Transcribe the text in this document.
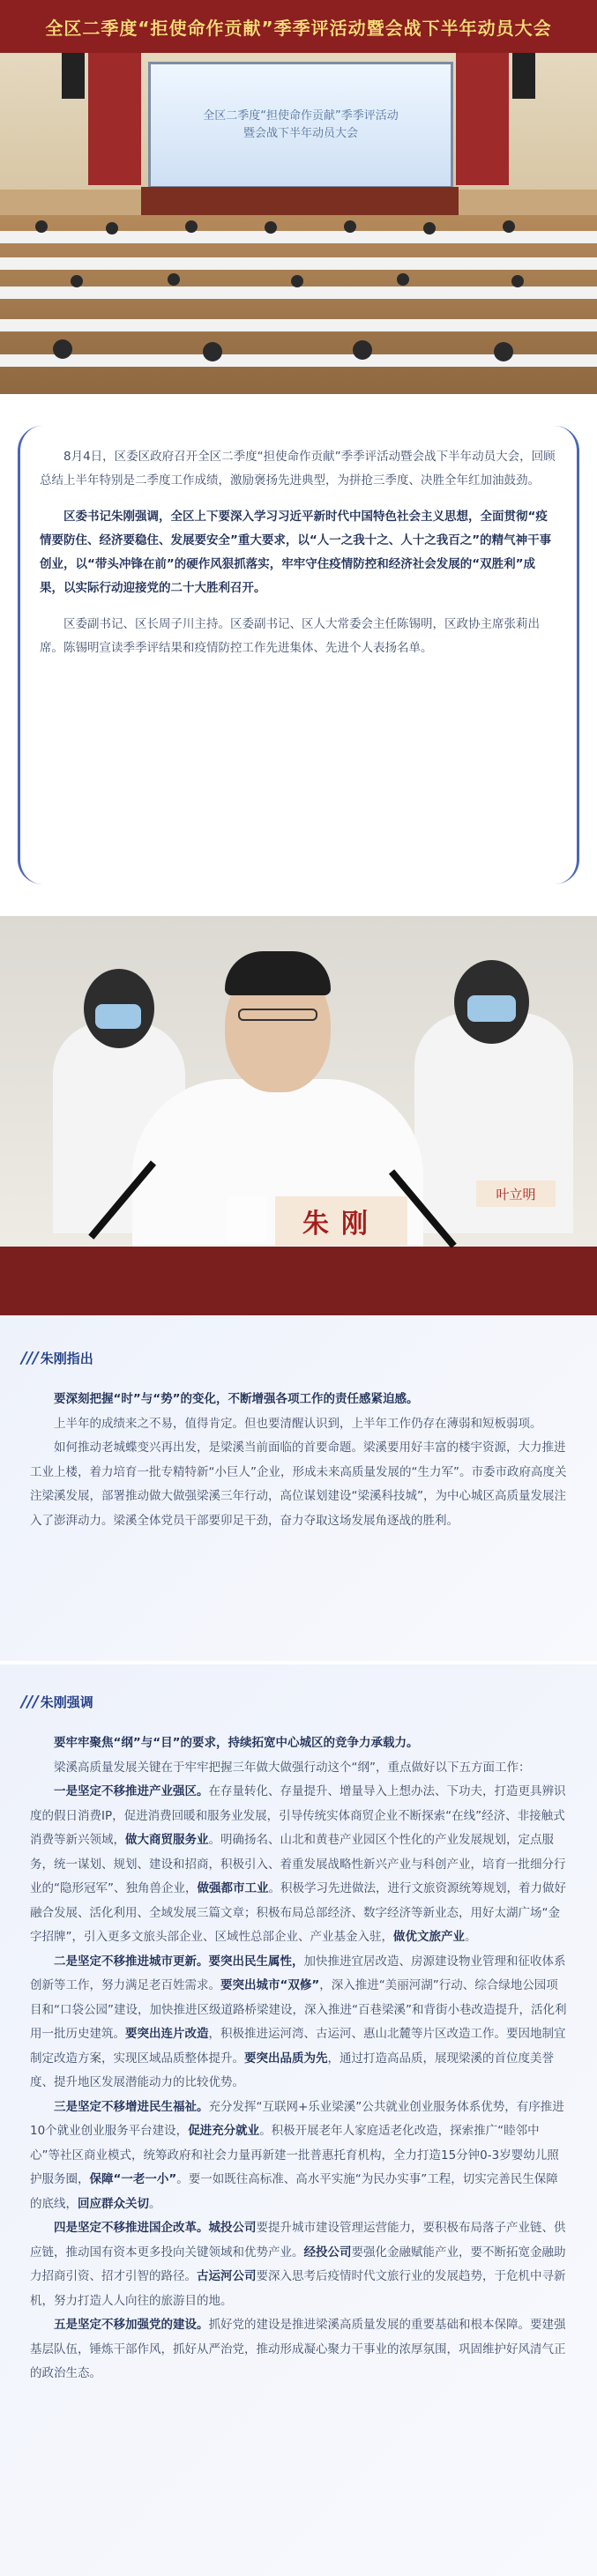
全区二季度“拒使命作贡献”季季评活动暨会战下半年动员大会
全区二季度“担使命作贡献”季季评活动
暨会战下半年动员大会

8月4日，区委区政府召开全区二季度“担使命作贡献”季季评活动暨会战下半年动员大会，回顾总结上半年特别是二季度工作成绩，激励褒扬先进典型，为拼抢三季度、决胜全年红加油鼓劲。

区委书记朱刚强调，全区上下要深入学习习近平新时代中国特色社会主义思想，全面贯彻“疫情要防住、经济要稳住、发展要安全”重大要求，以“人一之我十之、人十之我百之”的精气神干事创业，以“带头冲锋在前”的硬作风狠抓落实，牢牢守住疫情防控和经济社会发展的“双胜利”成果，以实际行动迎接党的二十大胜利召开。

区委副书记、区长周子川主持。区委副书记、区人大常委会主任陈锡明，区政协主席张莉出席。陈锡明宣读季季评结果和疫情防控工作先进集体、先进个人表扬名单。

朱刚
叶立明
/// 朱刚指出

要深刻把握“时”与“势”的变化，不断增强各项工作的责任感紧迫感。

上半年的成绩来之不易，值得肯定。但也要清醒认识到，上半年工作仍存在薄弱和短板弱项。

如何推动老城蝶变兴再出发，是梁溪当前面临的首要命题。梁溪要用好丰富的楼宇资源，大力推进工业上楼，着力培育一批专精特新“小巨人”企业，形成未来高质量发展的“生力军”。市委市政府高度关注梁溪发展，部署推动做大做强梁溪三年行动，高位谋划建设“梁溪科技城”，为中心城区高质量发展注入了澎湃动力。梁溪全体党员干部要卯足干劲，奋力夺取这场发展角逐战的胜利。

/// 朱刚强调

要牢牢聚焦“纲”与“目”的要求，持续拓宽中心城区的竞争力承载力。

梁溪高质量发展关键在于牢牢把握三年做大做强行动这个“纲”，重点做好以下五方面工作：

一是坚定不移推进产业强区。在存量转化、存量提升、增量导入上想办法、下功夫，打造更具辨识度的假日消费IP，促进消费回暖和服务业发展，引导传统实体商贸企业不断探索“在线”经济、非接触式消费等新兴领域，做大商贸服务业。明确扬名、山北和黄巷产业园区个性化的产业发展规划，定点服务，统一谋划、规划、建设和招商，积极引入、着重发展战略性新兴产业与科创产业，培育一批细分行业的“隐形冠军”、独角兽企业，做强都市工业。积极学习先进做法，进行文旅资源统筹规划，着力做好融合发展、活化利用、全域发展三篇文章；积极布局总部经济、数字经济等新业态，用好太湖广场“金字招牌”，引入更多文旅头部企业、区域性总部企业、产业基金入驻，做优文旅产业。

二是坚定不移推进城市更新。要突出民生属性，加快推进宜居改造、房源建设物业管理和征收体系创新等工作，努力满足老百姓需求。要突出城市“双修”，深入推进“美丽河湖”行动、综合绿地公园项目和“口袋公园”建设，加快推进区级道路桥梁建设，深入推进“百巷梁溪”和背街小巷改造提升，活化利用一批历史建筑。要突出连片改造，积极推进运河湾、古运河、惠山北麓等片区改造工作。要因地制宜制定改造方案，实现区域品质整体提升。要突出品质为先，通过打造高品质，展现梁溪的首位度美誉度、提升地区发展潜能动力的比较优势。

三是坚定不移增进民生福祉。充分发挥“互联网+乐业梁溪”公共就业创业服务体系优势，有序推进10个就业创业服务平台建设，促进充分就业。积极开展老年人家庭适老化改造，探索推广“睦邻中心”等社区商业模式，统筹政府和社会力量再新建一批普惠托育机构，全力打造15分钟0-3岁婴幼儿照护服务圈，保障“一老一小”。要一如既往高标准、高水平实施“为民办实事”工程，切实完善民生保障的底线，回应群众关切。

四是坚定不移推进国企改革。城投公司要提升城市建设管理运营能力，要积极布局落子产业链、供应链，推动国有资本更多投向关键领域和优势产业。经投公司要强化金融赋能产业，要不断拓宽金融助力招商引资、招才引智的路径。古运河公司要深入思考后疫情时代文旅行业的发展趋势，于危机中寻新机，努力打造人人向往的旅游目的地。

五是坚定不移加强党的建设。抓好党的建设是推进梁溪高质量发展的重要基础和根本保障。要建强基层队伍，锤炼干部作风，抓好从严治党，推动形成凝心聚力干事业的浓厚氛围，巩固维护好风清气正的政治生态。
